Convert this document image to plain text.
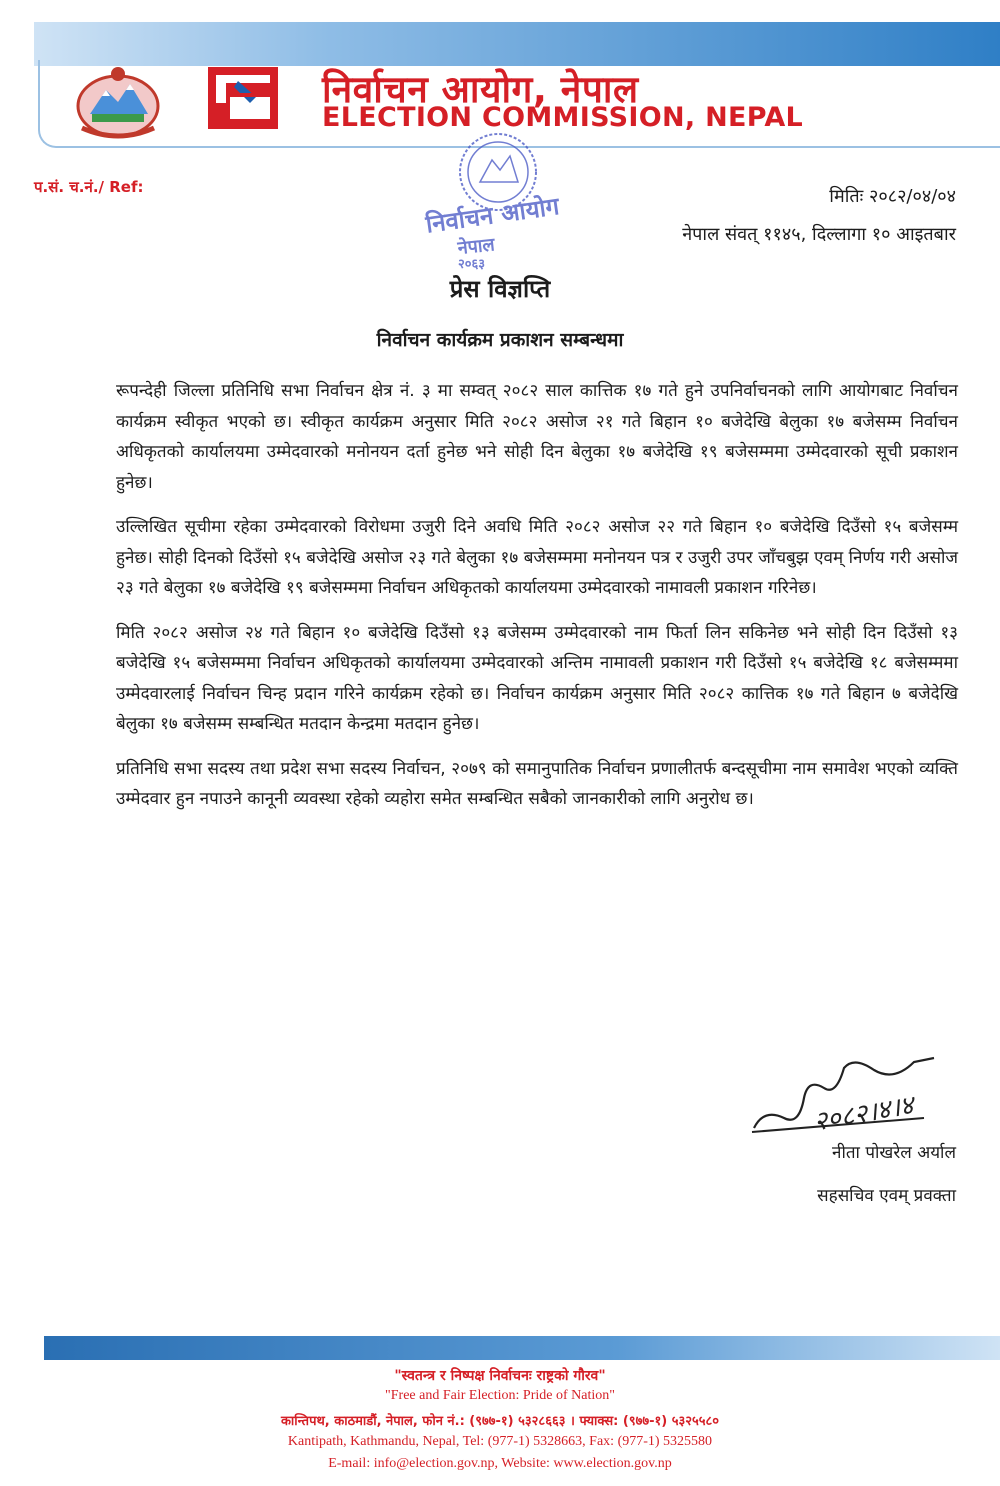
निर्वाचन आयोग, नेपाल
ELECTION COMMISSION, NEPAL
प.सं. च.नं./ Ref:
निर्वाचन आयोग
नेपाल
२०६३
मितिः २०८२/०४/०४
नेपाल संवत् ११४५, दिल्लागा १० आइतबार
प्रेस विज्ञप्ति
निर्वाचन कार्यक्रम प्रकाशन सम्बन्धमा

रूपन्देही जिल्ला प्रतिनिधि सभा निर्वाचन क्षेत्र नं. ३ मा सम्वत् २०८२ साल कात्तिक १७ गते हुने उपनिर्वाचनको लागि आयोगबाट निर्वाचन कार्यक्रम स्वीकृत भएको छ। स्वीकृत कार्यक्रम अनुसार मिति २०८२ असोज २१ गते बिहान १० बजेदेखि बेलुका १७ बजेसम्म निर्वाचन अधिकृतको कार्यालयमा उम्मेदवारको मनोनयन दर्ता हुनेछ भने सोही दिन बेलुका १७ बजेदेखि १९ बजेसम्ममा उम्मेदवारको सूची प्रकाशन हुनेछ।

उल्लिखित सूचीमा रहेका उम्मेदवारको विरोधमा उजुरी दिने अवधि मिति २०८२ असोज २२ गते बिहान १० बजेदेखि दिउँसो १५ बजेसम्म हुनेछ। सोही दिनको दिउँसो १५ बजेदेखि असोज २३ गते बेलुका १७ बजेसम्ममा मनोनयन पत्र र उजुरी उपर जाँचबुझ एवम् निर्णय गरी असोज २३ गते बेलुका १७ बजेदेखि १९ बजेसम्ममा निर्वाचन अधिकृतको कार्यालयमा उम्मेदवारको नामावली प्रकाशन गरिनेछ।

मिति २०८२ असोज २४ गते बिहान १० बजेदेखि दिउँसो १३ बजेसम्म उम्मेदवारको नाम फिर्ता लिन सकिनेछ भने सोही दिन दिउँसो १३ बजेदेखि १५ बजेसम्ममा निर्वाचन अधिकृतको कार्यालयमा उम्मेदवारको अन्तिम नामावली प्रकाशन गरी दिउँसो १५ बजेदेखि १८ बजेसम्ममा उम्मेदवारलाई निर्वाचन चिन्ह प्रदान गरिने कार्यक्रम रहेको छ। निर्वाचन कार्यक्रम अनुसार मिति २०८२ कात्तिक १७ गते बिहान ७ बजेदेखि बेलुका १७ बजेसम्म सम्बन्धित मतदान केन्द्रमा मतदान हुनेछ।

प्रतिनिधि सभा सदस्य तथा प्रदेश सभा सदस्य निर्वाचन, २०७९ को समानुपातिक निर्वाचन प्रणालीतर्फ बन्दसूचीमा नाम समावेश भएको व्यक्ति उम्मेदवार हुन नपाउने कानूनी व्यवस्था रहेको व्यहोरा समेत सम्बन्धित सबैको जानकारीको लागि अनुरोध छ।

२०८२।४।४
नीता पोखरेल अर्याल
सहसचिव एवम् प्रवक्ता
"स्वतन्त्र र निष्पक्ष निर्वाचनः राष्ट्रको गौरव"
"Free and Fair Election: Pride of Nation"
कान्तिपथ, काठमाडौं, नेपाल, फोन नं.: (९७७-१) ५३२८६६३ । फ्याक्स: (९७७-१) ५३२५५८०
Kantipath, Kathmandu, Nepal, Tel: (977-1) 5328663, Fax: (977-1) 5325580
E-mail: info@election.gov.np, Website: www.election.gov.np
